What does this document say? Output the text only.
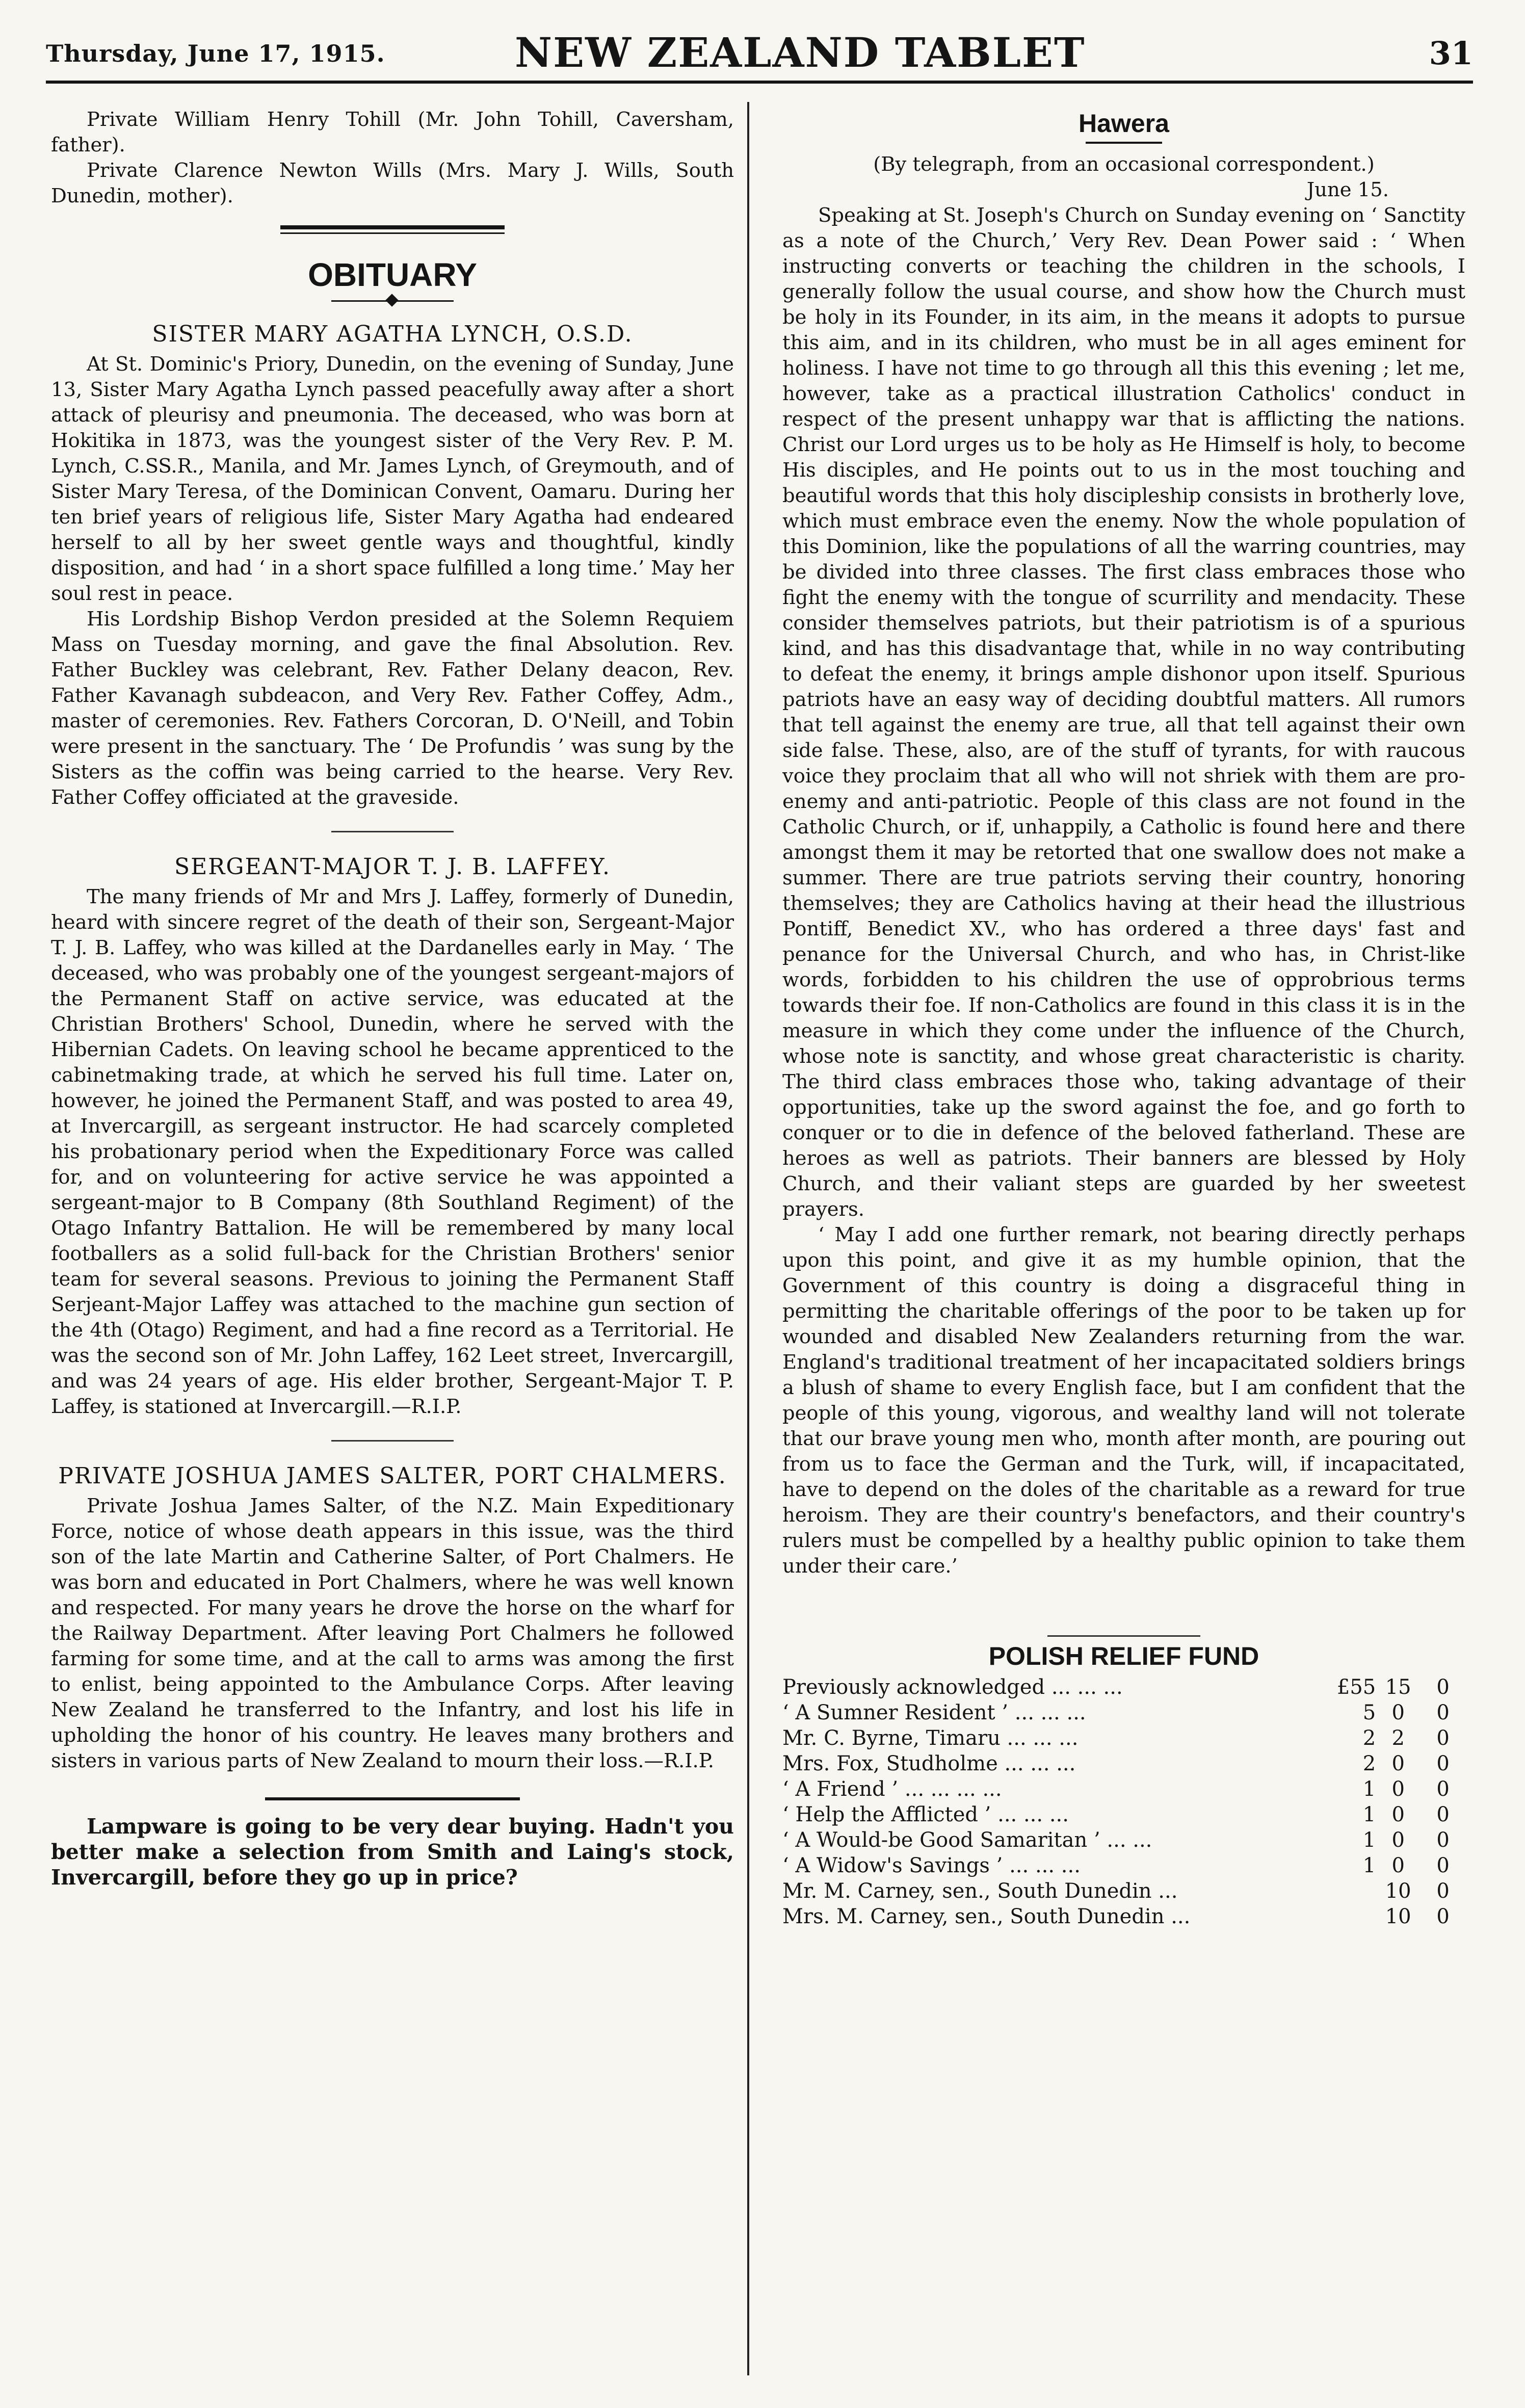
Thursday, June 17, 1915.	NEW ZEALAND TABLET	31

Private William Henry Tohill (Mr. John Tohill, Caversham, father).

Private Clarence Newton Wills (Mrs. Mary J. Wills, South Dunedin, mother).

OBITUARY
SISTER MARY AGATHA LYNCH, O.S.D.

At St. Dominic's Priory, Dunedin, on the evening of Sunday, June 13, Sister Mary Agatha Lynch passed peacefully away after a short attack of pleurisy and pneumonia. The deceased, who was born at Hokitika in 1873, was the youngest sister of the Very Rev. P. M. Lynch, C.SS.R., Manila, and Mr. James Lynch, of Greymouth, and of Sister Mary Teresa, of the Dominican Convent, Oamaru. During her ten brief years of religious life, Sister Mary Agatha had endeared herself to all by her sweet gentle ways and thoughtful, kindly disposition, and had ‘ in a short space fulfilled a long time.’ May her soul rest in peace.

His Lordship Bishop Verdon presided at the Solemn Requiem Mass on Tuesday morning, and gave the final Absolution. Rev. Father Buckley was celebrant, Rev. Father Delany deacon, Rev. Father Kavanagh subdeacon, and Very Rev. Father Coffey, Adm., master of ceremonies. Rev. Fathers Corcoran, D. O'Neill, and Tobin were present in the sanctuary. The ‘ De Profundis ’ was sung by the Sisters as the coffin was being carried to the hearse. Very Rev. Father Coffey officiated at the graveside.

SERGEANT-MAJOR T. J. B. LAFFEY.

The many friends of Mr and Mrs J. Laffey, formerly of Dunedin, heard with sincere regret of the death of their son, Sergeant-Major T. J. B. Laffey, who was killed at the Dardanelles early in May. ‘ The deceased, who was probably one of the youngest sergeant-majors of the Permanent Staff on active service, was educated at the Christian Brothers' School, Dunedin, where he served with the Hibernian Cadets. On leaving school he became apprenticed to the cabinetmaking trade, at which he served his full time. Later on, however, he joined the Permanent Staff, and was posted to area 49, at Invercargill, as sergeant instructor. He had scarcely completed his probationary period when the Expeditionary Force was called for, and on volunteering for active service he was appointed a sergeant-major to B Company (8th Southland Regiment) of the Otago Infantry Battalion. He will be remembered by many local footballers as a solid full-back for the Christian Brothers' senior team for several seasons. Previous to joining the Permanent Staff Serjeant-Major Laffey was attached to the machine gun section of the 4th (Otago) Regiment, and had a fine record as a Territorial. He was the second son of Mr. John Laffey, 162 Leet street, Invercargill, and was 24 years of age. His elder brother, Sergeant-Major T. P. Laffey, is stationed at Invercargill.—R.I.P.

PRIVATE JOSHUA JAMES SALTER, PORT CHALMERS.

Private Joshua James Salter, of the N.Z. Main Expeditionary Force, notice of whose death appears in this issue, was the third son of the late Martin and Catherine Salter, of Port Chalmers. He was born and educated in Port Chalmers, where he was well known and respected. For many years he drove the horse on the wharf for the Railway Department. After leaving Port Chalmers he followed farming for some time, and at the call to arms was among the first to enlist, being appointed to the Ambulance Corps. After leaving New Zealand he transferred to the Infantry, and lost his life in upholding the honor of his country. He leaves many brothers and sisters in various parts of New Zealand to mourn their loss.—R.I.P.

Lampware is going to be very dear buying. Hadn't you better make a selection from Smith and Laing's stock, Invercargill, before they go up in price?

Hawera

(By telegraph, from an occasional correspondent.)

June 15.

Speaking at St. Joseph's Church on Sunday evening on ‘ Sanctity as a note of the Church,’ Very Rev. Dean Power said : ‘ When instructing converts or teaching the children in the schools, I generally follow the usual course, and show how the Church must be holy in its Founder, in its aim, in the means it adopts to pursue this aim, and in its children, who must be in all ages eminent for holiness. I have not time to go through all this this evening ; let me, however, take as a practical illustration Catholics' conduct in respect of the present unhappy war that is afflicting the nations. Christ our Lord urges us to be holy as He Himself is holy, to become His disciples, and He points out to us in the most touching and beautiful words that this holy discipleship consists in brotherly love, which must embrace even the enemy. Now the whole population of this Dominion, like the populations of all the warring countries, may be divided into three classes. The first class embraces those who fight the enemy with the tongue of scurrility and mendacity. These consider themselves patriots, but their patriotism is of a spurious kind, and has this disadvantage that, while in no way contributing to defeat the enemy, it brings ample dishonor upon itself. Spurious patriots have an easy way of deciding doubtful matters. All rumors that tell against the enemy are true, all that tell against their own side false. These, also, are of the stuff of tyrants, for with raucous voice they proclaim that all who will not shriek with them are pro-enemy and anti-patriotic. People of this class are not found in the Catholic Church, or if, unhappily, a Catholic is found here and there amongst them it may be retorted that one swallow does not make a summer. There are true patriots serving their country, honoring themselves; they are Catholics having at their head the illustrious Pontiff, Benedict XV., who has ordered a three days' fast and penance for the Universal Church, and who has, in Christ-like words, forbidden to his children the use of opprobrious terms towards their foe. If non-Catholics are found in this class it is in the measure in which they come under the influence of the Church, whose note is sanctity, and whose great characteristic is charity. The third class embraces those who, taking advantage of their opportunities, take up the sword against the foe, and go forth to conquer or to die in defence of the beloved fatherland. These are heroes as well as patriots. Their banners are blessed by Holy Church, and their valiant steps are guarded by her sweetest prayers.

‘ May I add one further remark, not bearing directly perhaps upon this point, and give it as my humble opinion, that the Government of this country is doing a disgraceful thing in permitting the charitable offerings of the poor to be taken up for wounded and disabled New Zealanders returning from the war. England's traditional treatment of her incapacitated soldiers brings a blush of shame to every English face, but I am confident that the people of this young, vigorous, and wealthy land will not tolerate that our brave young men who, month after month, are pouring out from us to face the German and the Turk, will, if incapacitated, have to depend on the doles of the charitable as a reward for true heroism. They are their country's benefactors, and their country's rulers must be compelled by a healthy public opinion to take them under their care.’

POLISH RELIEF FUND
Previously acknowledged ... ... ...	£55	15	0
‘ A Sumner Resident ’ ... ... ...	5	0	0
Mr. C. Byrne, Timaru ... ... ...	2	2	0
Mrs. Fox, Studholme ... ... ...	2	0	0
‘ A Friend ’ ... ... ... ...	1	0	0
‘ Help the Afflicted ’ ... ... ...	1	0	0
‘ A Would-be Good Samaritan ’ ... ...	1	0	0
‘ A Widow's Savings ’ ... ... ...	1	0	0
Mr. M. Carney, sen., South Dunedin ...		10	0
Mrs. M. Carney, sen., South Dunedin ...		10	0
